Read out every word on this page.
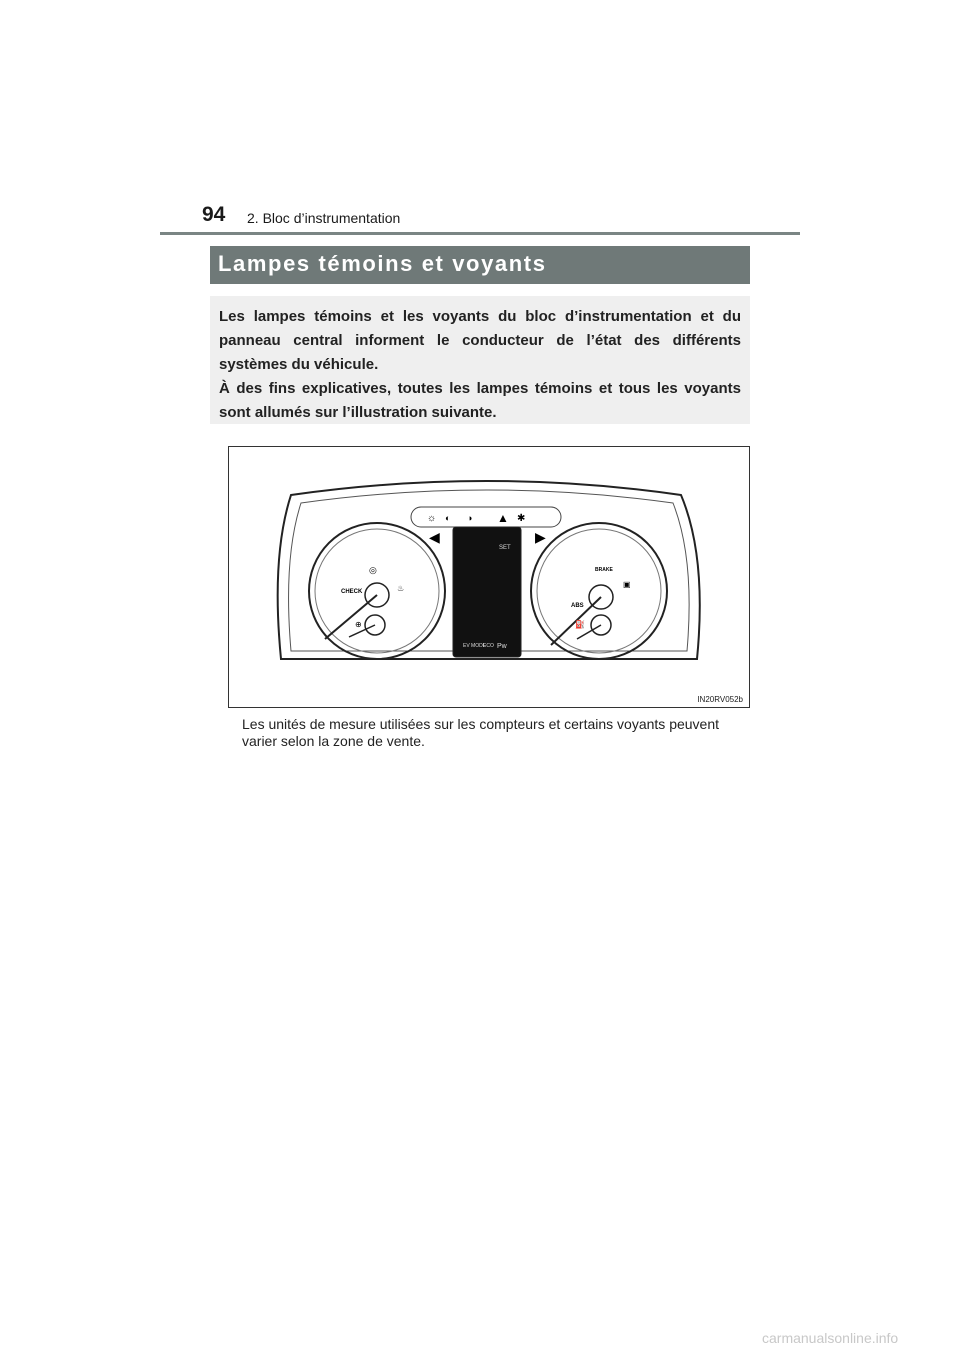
94 2. Bloc d’instrumentation
Lampes témoins et voyants

Les lampes témoins et les voyants du bloc d’instrumentation et du panneau central informent le conducteur de l’état des différents systèmes du véhicule.

À des fins explicatives, toutes les lampes témoins et tous les voyants sont allumés sur l’illustration suivante.

☼ ◐ ◑ ▲ ✱
◀	▶
CHECK
◎
♨
⊕
SET
EV MODE
ECO Pw
BRAKE
ABS
▣
⛽
IN20RV052b

Les unités de mesure utilisées sur les compteurs et certains voyants peuvent varier selon la zone de vente.

carmanualsonline.info
